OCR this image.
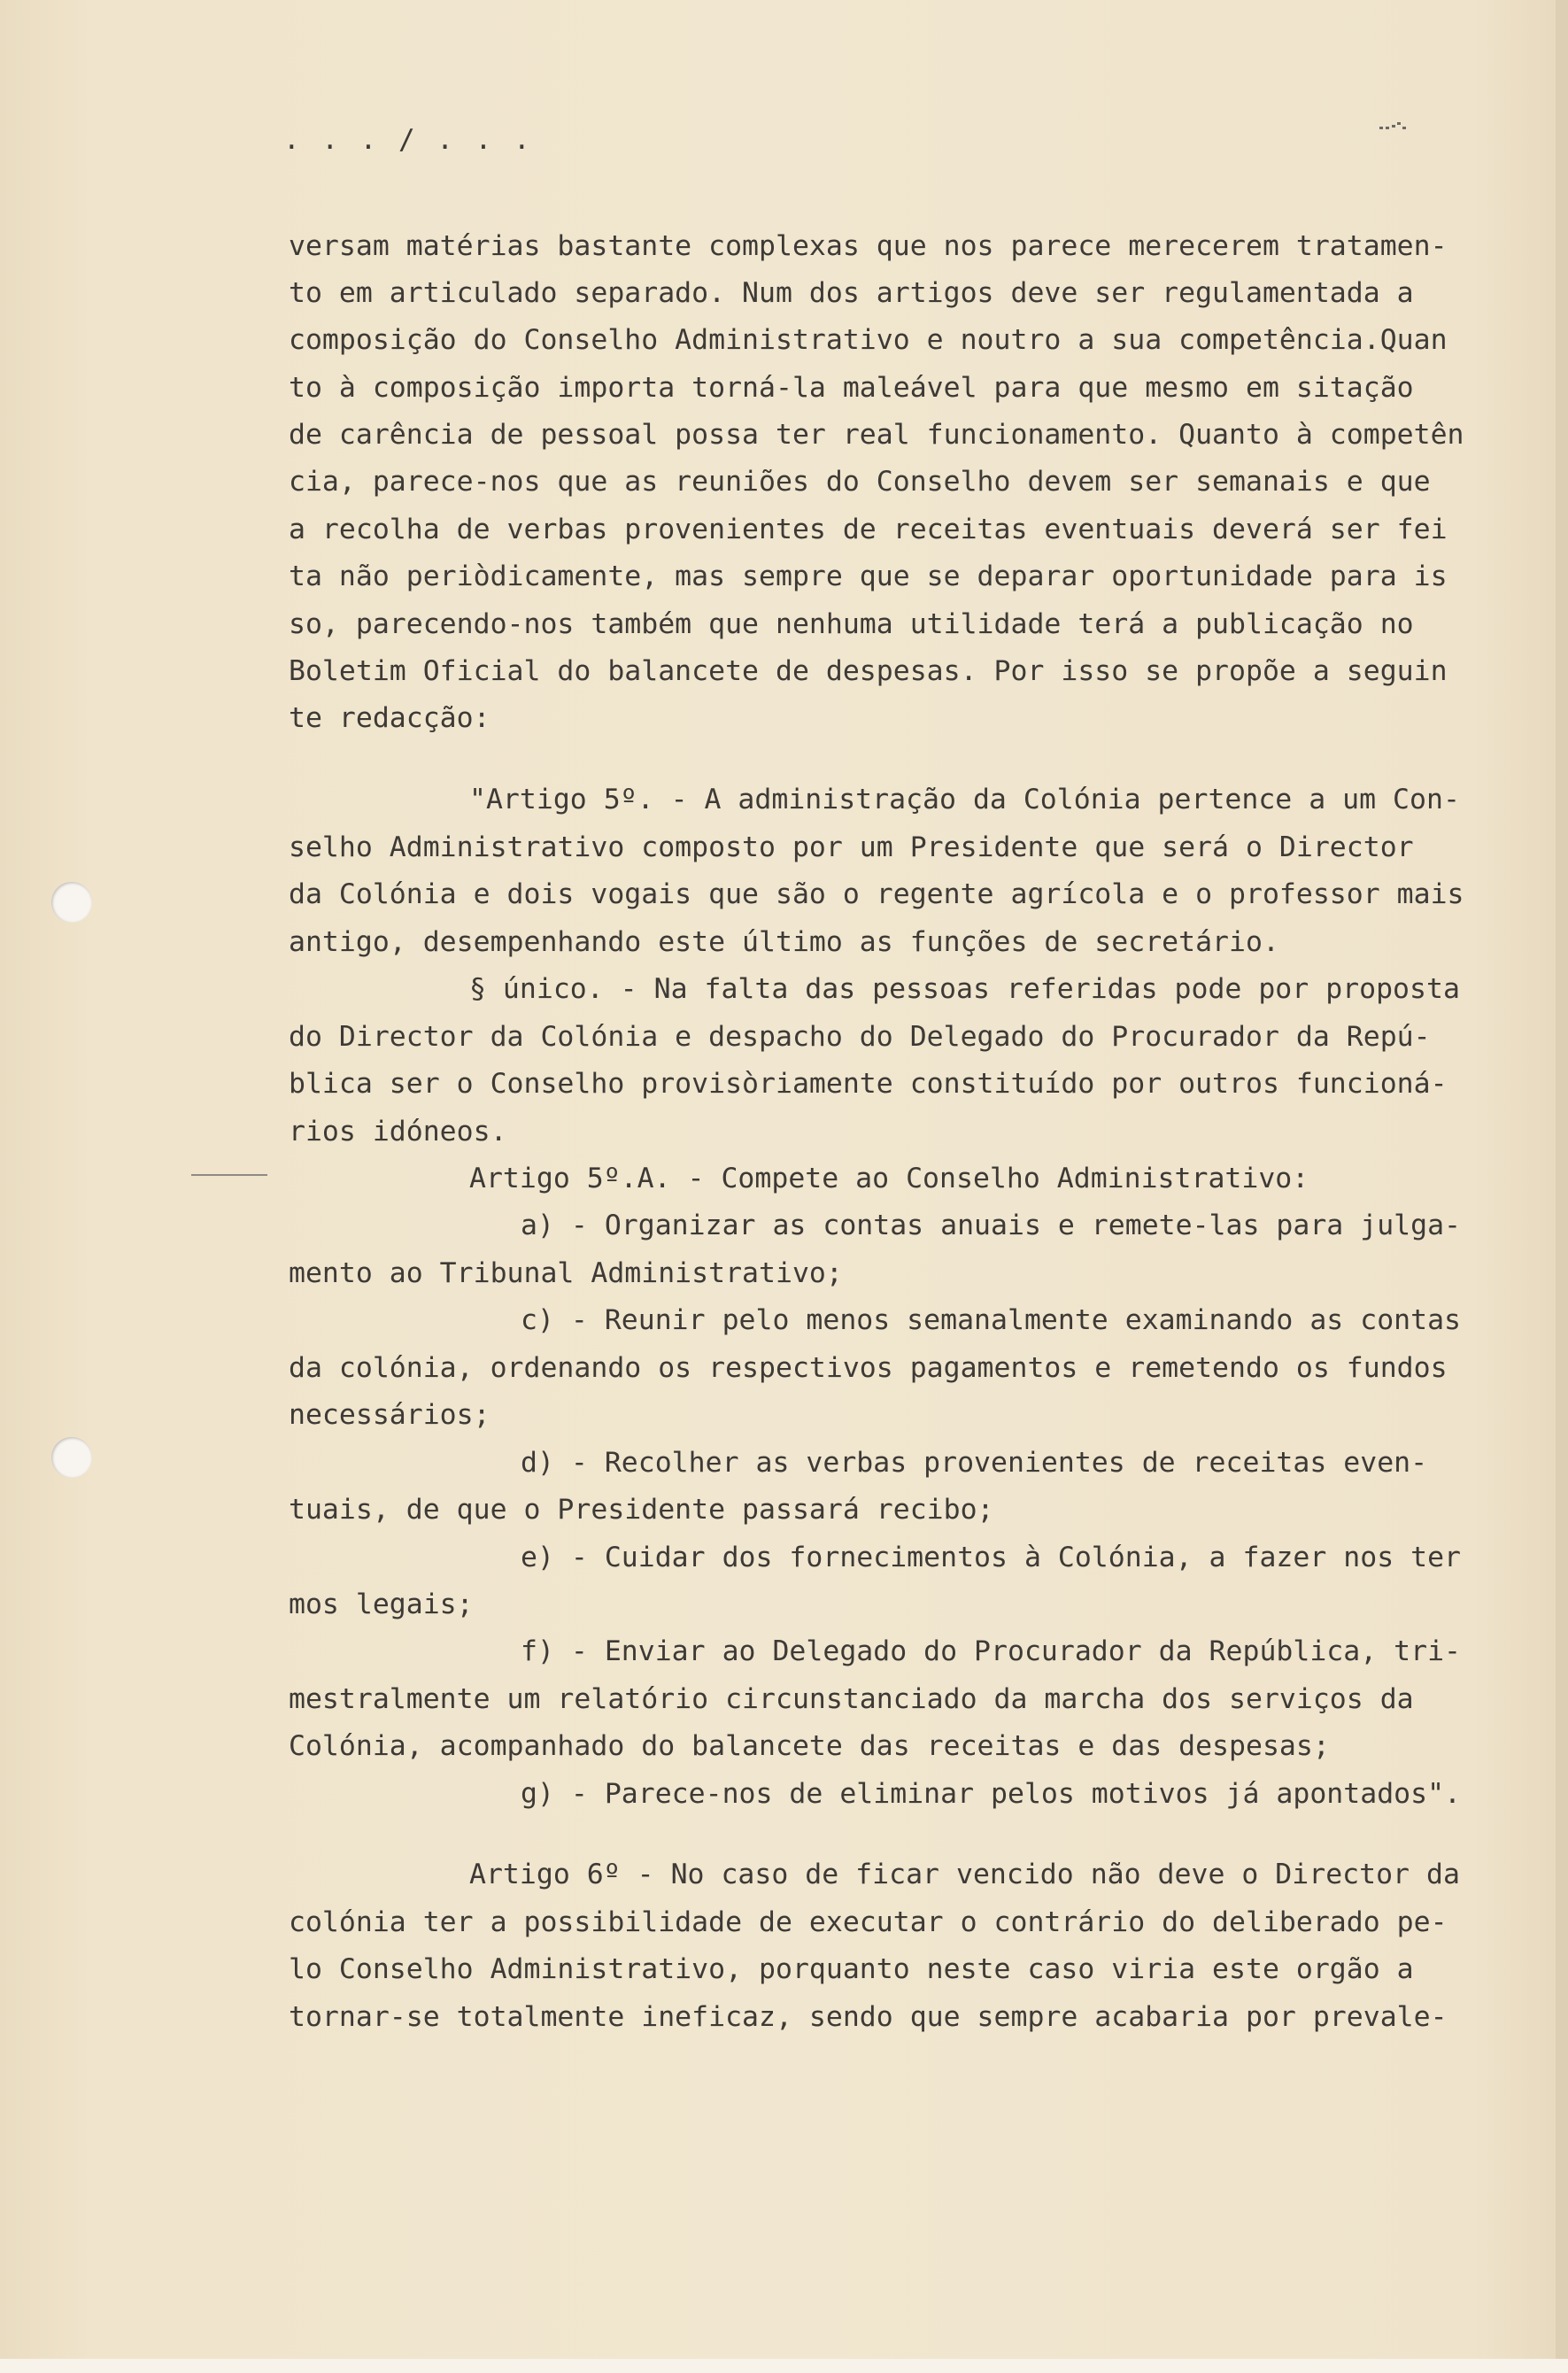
. . . / . . .

versam matérias bastante complexas que nos parece merecerem tratamen-

to em articulado separado. Num dos artigos deve ser regulamentada a

composição do Conselho Administrativo e noutro a sua competência.Quan

to à composição importa torná-la maleável para que mesmo em sitação

de carência de pessoal possa ter real funcionamento. Quanto à competên

cia, parece-nos que as reuniões do Conselho devem ser semanais e que

a recolha de verbas provenientes de receitas eventuais deverá ser fei

ta não periòdicamente, mas sempre que se deparar oportunidade para is

so, parecendo-nos também que nenhuma utilidade terá a publicação no

Boletim Oficial do balancete de despesas. Por isso se propõe a seguin

te redacção:

"Artigo 5º. - A administração da Colónia pertence a um Con-

selho Administrativo composto por um Presidente que será o Director

da Colónia e dois vogais que são o regente agrícola e o professor mais

antigo, desempenhando este último as funções de secretário.

§ único. - Na falta das pessoas referidas pode por proposta

do Director da Colónia e despacho do Delegado do Procurador da Repú-

blica ser o Conselho provisòriamente constituído por outros funcioná-

rios idóneos.

Artigo 5º.A. - Compete ao Conselho Administrativo:

a) - Organizar as contas anuais e remete-las para julga-

mento ao Tribunal Administrativo;

c) - Reunir pelo menos semanalmente examinando as contas

da colónia, ordenando os respectivos pagamentos e remetendo os fundos

necessários;

d) - Recolher as verbas provenientes de receitas even-

tuais, de que o Presidente passará recibo;

e) - Cuidar dos fornecimentos à Colónia, a fazer nos ter

mos legais;

f) - Enviar ao Delegado do Procurador da República, tri-

mestralmente um relatório circunstanciado da marcha dos serviços da

Colónia, acompanhado do balancete das receitas e das despesas;

g) - Parece-nos de eliminar pelos motivos já apontados".

Artigo 6º - No caso de ficar vencido não deve o Director da

colónia ter a possibilidade de executar o contrário do deliberado pe-

lo Conselho Administrativo, porquanto neste caso viria este orgão a

tornar-se totalmente ineficaz, sendo que sempre acabaria por prevale-
